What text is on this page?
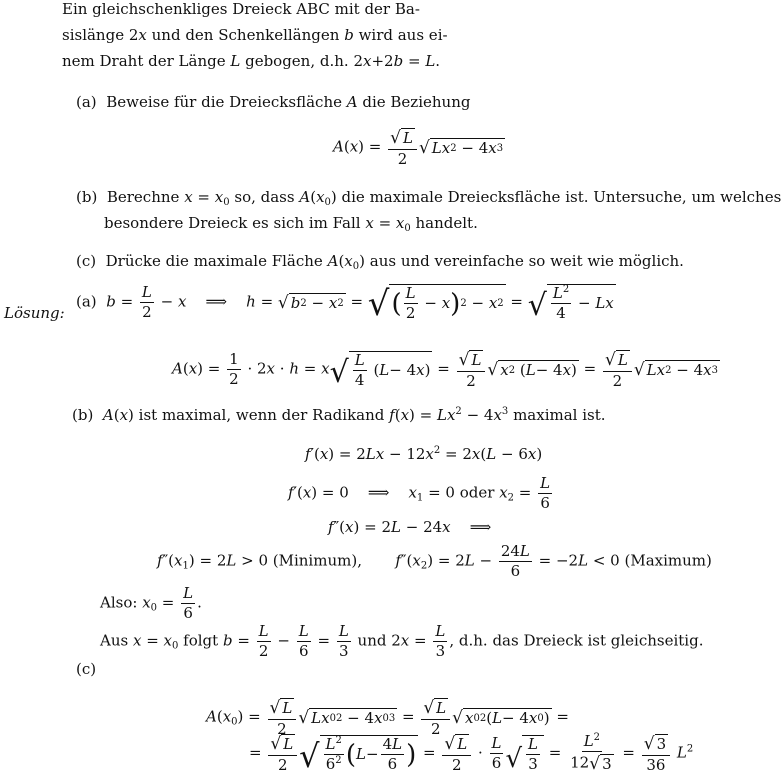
Ein gleichschenkliges Dreieck ABC mit der Ba-
sislänge 2x und den Schenkellängen b wird aus ei-
nem Draht der Länge L gebogen, d.h. 2x+2b = L.
(a) Beweise für die Dreiecksfläche A die Beziehung
$A(x) = \frac{√ L}{2}$ √ Lx 2 − 4 x 3
(b) Berechne $x = x_0$ so, dass $A(x_0)$ die maximale Dreiecksfläche ist. Untersuche, um welches
besondere Dreieck es sich im Fall $x = x_0$ handelt.
(c) Drücke die maximale Fläche $A(x_0)$ aus und vereinfache so weit wie möglich.
Lösung:
(a) $b = \frac{L}{2} - x$    ⟹    h = √ b 2 − x 2 = √ ( $\frac{L}{2} - x$ ) 2 − x 2 = √ $\frac{L^2}{4} - Lx$
$A(x) = \frac{1}{2} \cdot 2x \cdot h = x$ √ $\frac{L}{4}$ ( L − 4 x ) = $\frac{√ L}{2}$ √ x 2 ( L − 4 x ) = $\frac{√ L}{2}$ √ Lx 2 − 4 x 3
(b) A(x) ist maximal, wenn der Radikand $f(x) = Lx^2 - 4x^3$ maximal ist.
$f'(x) = 2Lx - 12x^2 = 2x(L - 6x)$
f′(x) = 0    ⟹    $x_1 = 0$ oder $x_2 = \frac{L}{6}$
f″(x) = 2L − 24x    ⟹
$f''(x_1) = 2L > 0$ (Minimum), $f''(x_2) = 2L - \frac{24L}{6} = -2L < 0$ (Maximum)
Also: $x_0 = \frac{L}{6}$ .
Aus $x = x_0$ folgt $b = \frac{L}{2} - \frac{L}{6} = \frac{L}{3}$ und $2x = \frac{L}{3}$ , d.h. das Dreieck ist gleichseitig.
(c)
$A(x_0) = \frac{√ L}{2}$ √ Lx 0 2 − 4 x 0 $3 = \frac{√ L}{2}$ √ x 0 2 ( L − 4 x 0 ) =
= $\frac{√ L}{2}$ √ $\frac{L^2}{6^2}$ ( $L - \frac{4L}{6}$ ) = $\frac{√ L}{2} \cdot \frac{L}{6}$ √ $\frac{L}{3} = \frac{L^2}{12 √ 3} = \frac{√ 3}{36} L^2$
